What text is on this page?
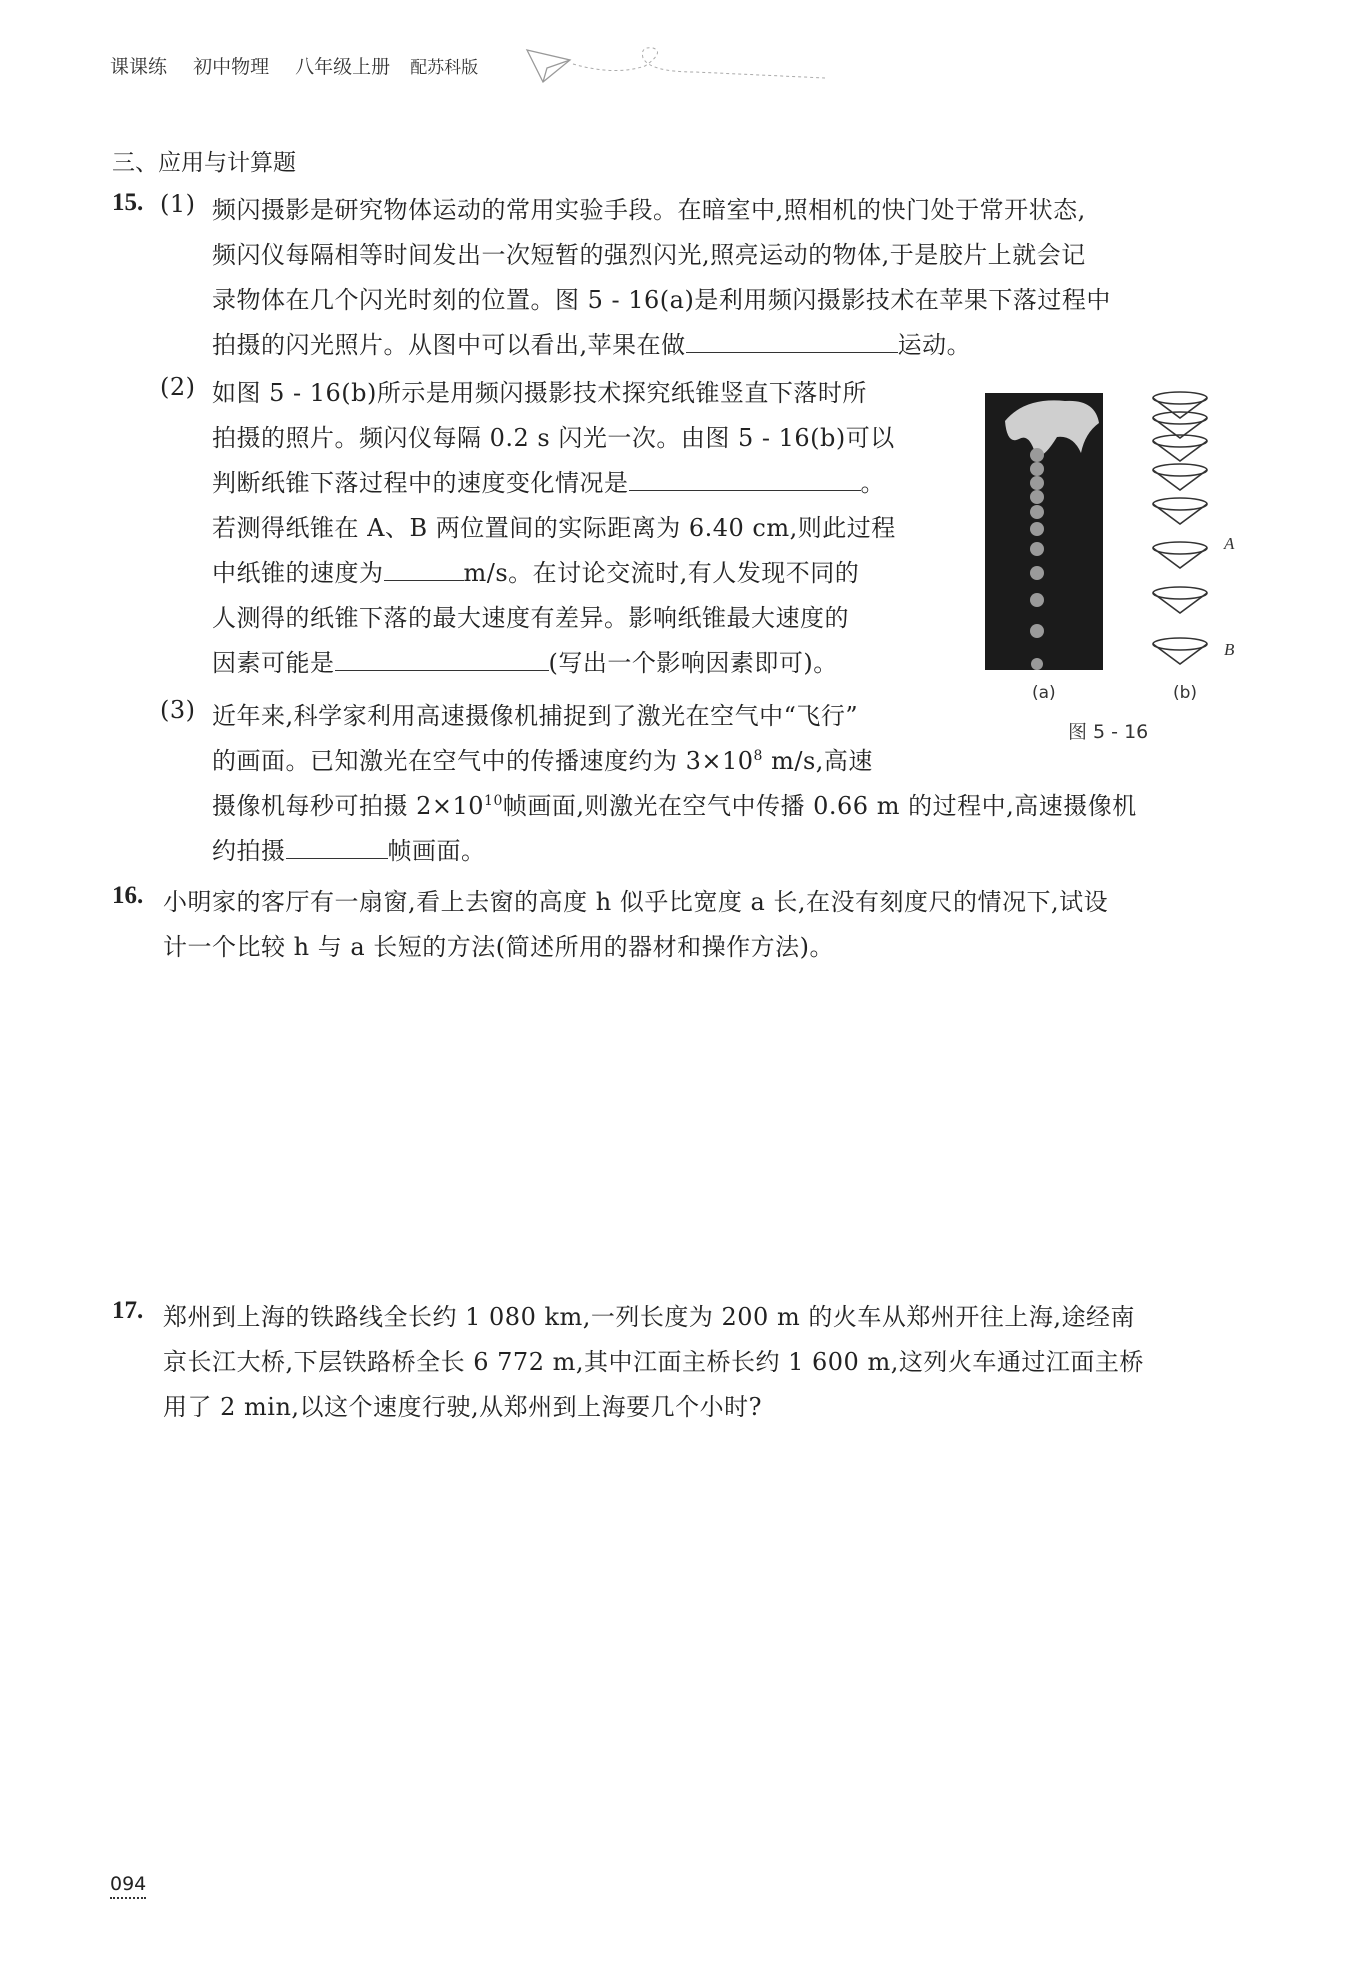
课课练 初中物理 八年级上册 配苏科版
三、应用与计算题
15. (1) 频闪摄影是研究物体运动的常用实验手段。在暗室中,照相机的快门处于常开状态,
频闪仪每隔相等时间发出一次短暂的强烈闪光,照亮运动的物体,于是胶片上就会记
录物体在几个闪光时刻的位置。图 5 - 16(a)是利用频闪摄影技术在苹果下落过程中
拍摄的闪光照片。从图中可以看出,苹果在做	运动。
(2) 如图 5 - 16(b)所示是用频闪摄影技术探究纸锥竖直下落时所
拍摄的照片。频闪仪每隔 0.2 s 闪光一次。由图 5 - 16(b)可以
判断纸锥下落过程中的速度变化情况是	。
若测得纸锥在 A、B 两位置间的实际距离为 6.40 cm,则此过程
中纸锥的速度为	m/s。在讨论交流时,有人发现不同的
人测得的纸锥下落的最大速度有差异。影响纸锥最大速度的
因素可能是	(写出一个影响因素即可)。
(3) 近年来,科学家利用高速摄像机捕捉到了激光在空气中“飞行”
的画面。已知激光在空气中的传播速度约为 $3\times 10^8$ m/s,高速
摄像机每秒可拍摄 $2\times 10^{10}$帧画面,则激光在空气中传播 0.66 m 的过程中,高速摄像机
约拍摄	帧画面。
A
B
(a)	(b)
图 5 - 16
16. 小明家的客厅有一扇窗,看上去窗的高度 h 似乎比宽度 a 长,在没有刻度尺的情况下,试设
计一个比较 h 与 a 长短的方法(简述所用的器材和操作方法)。
17. 郑州到上海的铁路线全长约 1 080 km,一列长度为 200 m 的火车从郑州开往上海,途经南
京长江大桥,下层铁路桥全长 6 772 m,其中江面主桥长约 1 600 m,这列火车通过江面主桥
用了 2 min,以这个速度行驶,从郑州到上海要几个小时?
094
